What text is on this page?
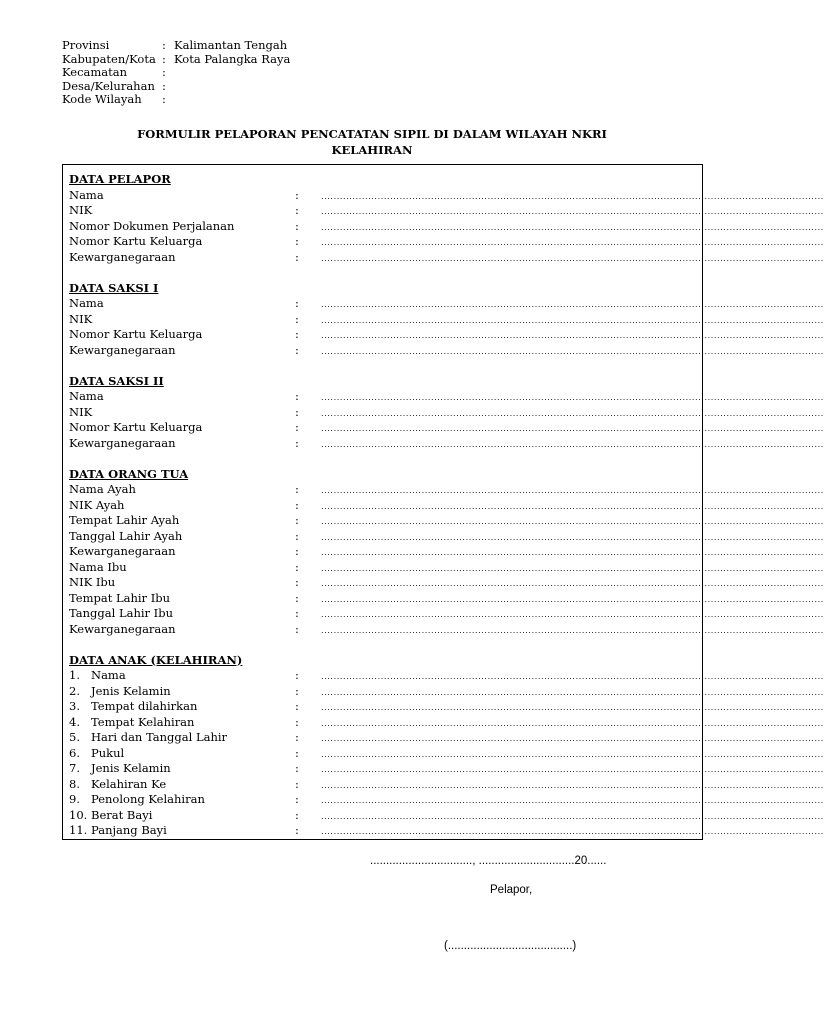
Provinsi	: Kalimantan Tengah
Kabupaten/Kota : Kota Palangka Raya
Kecamatan	:
Desa/Kelurahan :
Kode Wilayah	:
FORMULIR PELAPORAN PENCATATAN SIPIL DI DALAM WILAYAH NKRI
KELAHIRAN
DATA PELAPOR
Nama	:	................................................................................................................................................................
NIK	:	................................................................................................................................................................
Nomor Dokumen Perjalanan	:	................................................................................................................................................................
Nomor Kartu Keluarga	:	................................................................................................................................................................
Kewarganegaraan	:	................................................................................................................................................................
DATA SAKSI I
Nama	:	................................................................................................................................................................
NIK	:	................................................................................................................................................................
Nomor Kartu Keluarga	:	................................................................................................................................................................
Kewarganegaraan	:	................................................................................................................................................................
DATA SAKSI II
Nama	:	................................................................................................................................................................
NIK	:	................................................................................................................................................................
Nomor Kartu Keluarga	:	................................................................................................................................................................
Kewarganegaraan	:	................................................................................................................................................................
DATA ORANG TUA
Nama Ayah	:	................................................................................................................................................................
NIK Ayah	:	................................................................................................................................................................
Tempat Lahir Ayah	:	................................................................................................................................................................
Tanggal Lahir Ayah	:	................................................................................................................................................................
Kewarganegaraan	:	................................................................................................................................................................
Nama Ibu	:	................................................................................................................................................................
NIK Ibu	:	................................................................................................................................................................
Tempat Lahir Ibu	:	................................................................................................................................................................
Tanggal Lahir Ibu	:	................................................................................................................................................................
Kewarganegaraan	:	................................................................................................................................................................
DATA ANAK (KELAHIRAN)
1. Nama	:	................................................................................................................................................................
2. Jenis Kelamin	:	................................................................................................................................................................
3. Tempat dilahirkan	:	................................................................................................................................................................
4. Tempat Kelahiran	:	................................................................................................................................................................
5. Hari dan Tanggal Lahir	:	................................................................................................................................................................
6. Pukul	:	................................................................................................................................................................
7. Jenis Kelamin	:	................................................................................................................................................................
8. Kelahiran Ke	:	................................................................................................................................................................
9. Penolong Kelahiran	:	................................................................................................................................................................
10. Berat Bayi	:	................................................................................................................................................................
11. Panjang Bayi	:	................................................................................................................................................................
................................, ..............................20......
Pelapor,
(.......................................)
